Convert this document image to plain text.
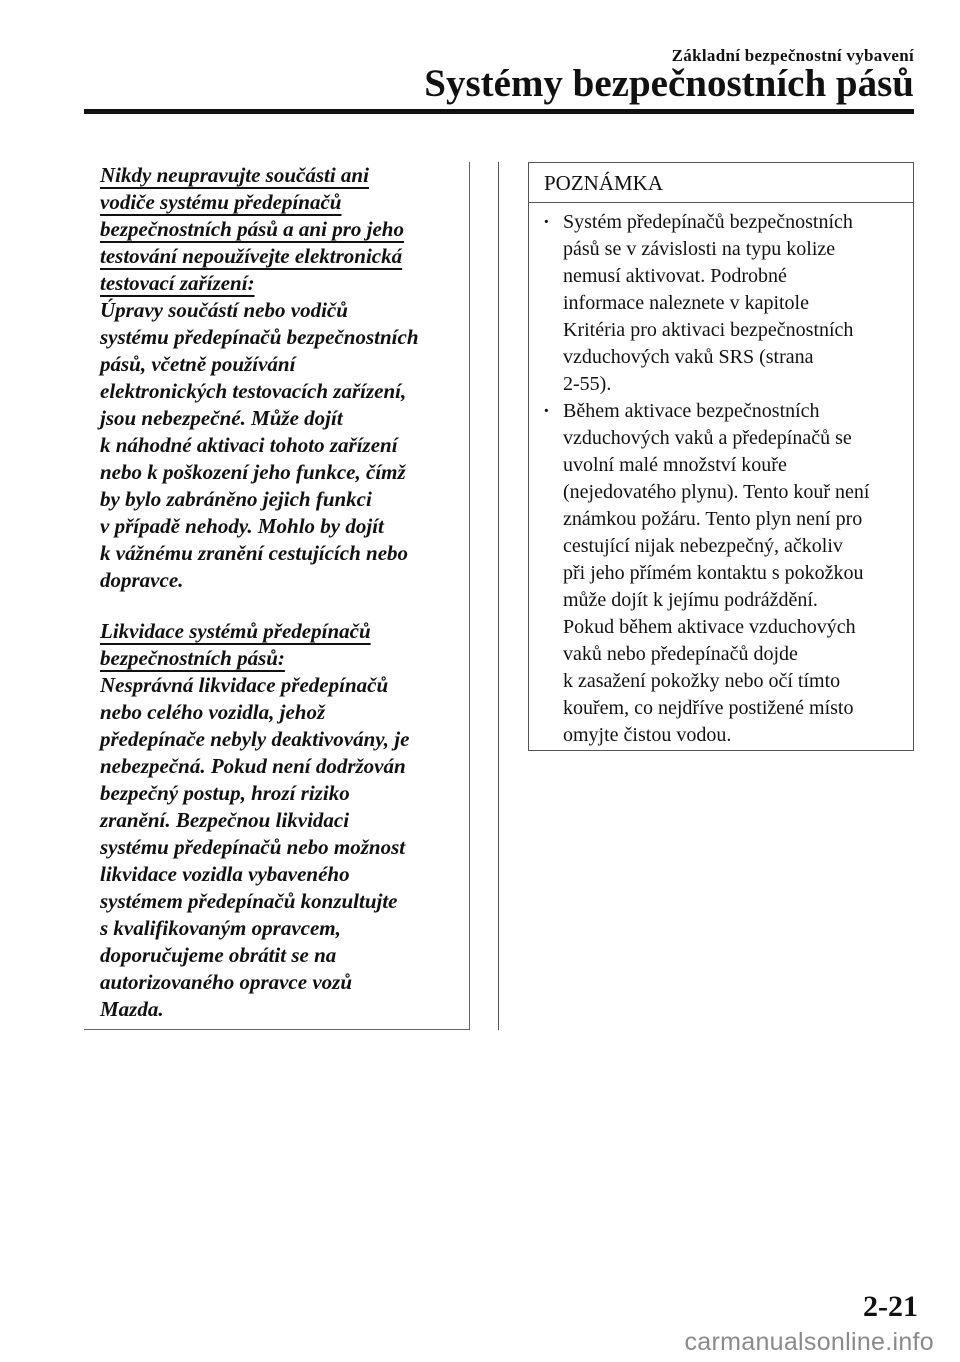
Základní bezpečnostní vybavení
Systémy bezpečnostních pásů
Nikdy neupravujte součásti ani
vodiče systému předepínačů
bezpečnostních pásů a ani pro jeho
testování nepoužívejte elektronická
testovací zařízení:
Úpravy součástí nebo vodičů
systému předepínačů bezpečnostních
pásů, včetně používání
elektronických testovacích zařízení,
jsou nebezpečné. Může dojít
k náhodné aktivaci tohoto zařízení
nebo k poškození jeho funkce, čímž
by bylo zabráněno jejich funkci
v případě nehody. Mohlo by dojít
k vážnému zranění cestujících nebo
dopravce.
Likvidace systémů předepínačů
bezpečnostních pásů:
Nesprávná likvidace předepínačů
nebo celého vozidla, jehož
předepínače nebyly deaktivovány, je
nebezpečná. Pokud není dodržován
bezpečný postup, hrozí riziko
zranění. Bezpečnou likvidaci
systému předepínačů nebo možnost
likvidace vozidla vybaveného
systémem předepínačů konzultujte
s kvalifikovaným opravcem,
doporučujeme obrátit se na
autorizovaného opravce vozů
Mazda.
POZNÁMKA
· Systém předepínačů bezpečnostních
pásů se v závislosti na typu kolize
nemusí aktivovat. Podrobné
informace naleznete v kapitole
Kritéria pro aktivaci bezpečnostních
vzduchových vaků SRS (strana
2-55).
· Během aktivace bezpečnostních
vzduchových vaků a předepínačů se
uvolní malé množství kouře
(nejedovatého plynu). Tento kouř není
známkou požáru. Tento plyn není pro
cestující nijak nebezpečný, ačkoliv
při jeho přímém kontaktu s pokožkou
může dojít k jejímu podráždění.
Pokud během aktivace vzduchových
vaků nebo předepínačů dojde
k zasažení pokožky nebo očí tímto
kouřem, co nejdříve postižené místo
omyjte čistou vodou.
2-21
carmanualsonline.info
